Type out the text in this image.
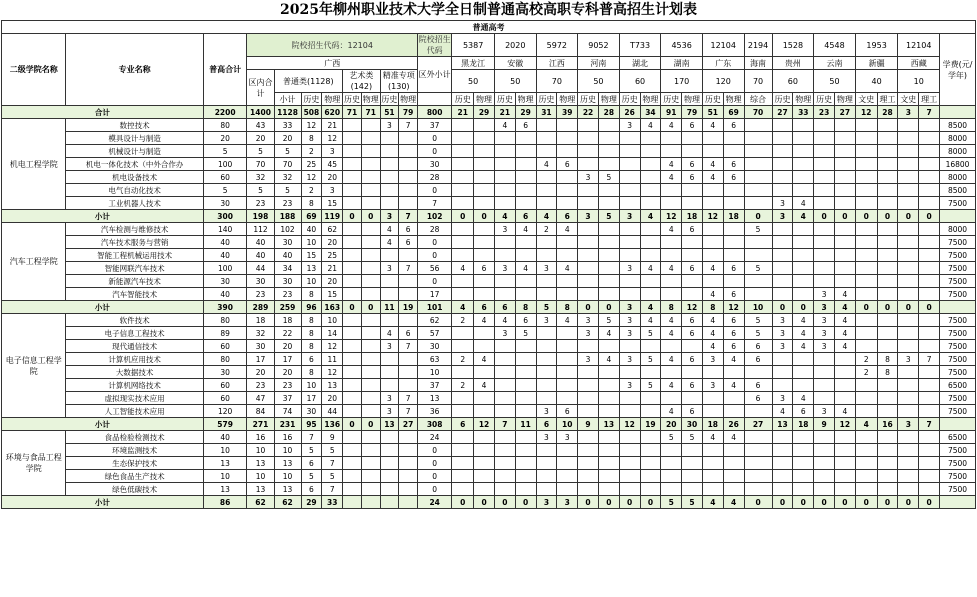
2025年柳州职业技术大学全日制普通高校高职专科普高招生计划表
普通高考																																			
二级学院名称	专业名称	普高合计	院校招生代码：12104								院校招生代码	5387		2020		5972		9052		T733		4536		12104		2194	1528		4548		1953		12104		学费(元/学年)
			广西								区外小计	黑龙江		安徽		江西		河南		湖北		湖南		广东		海南	贵州		云南		新疆		西藏		
			区内合计	普通类(1128)			艺术类(142)		精准专项(130)			50		50		70		50		60		170		120		70	60		50		40		10		
				小计	历史	物理	历史	物理	历史	物理		历史	物理	历史	物理	历史	物理	历史	物理	历史	物理	历史	物理	历史	物理	综合	历史	物理	历史	物理	文史	理工	文史	理工	
合计		2200	1400	1128	508	620	71	71	51	79	800	21	29	21	29	31	39	22	28	26	34	91	79	51	69	70	27	33	23	27	12	28	3	7	
机电工程学院	数控技术	80	43	33	12	21			3	7	37			4	6					3	4	4	6	4	6										8500
	模具设计与制造	20	20	20	8	12					0																								8000
	机械设计与制造	5	5	5	2	3					0																								8000
	机电一体化技术（中外合作办	100	70	70	25	45					30					4	6					4	6	4	6										16800
	机电设备技术	60	32	32	12	20					28							3	5			4	6	4	6										8000
	电气自动化技术	5	5	5	2	3					0																								8500
	工业机器人技术	30	23	23	8	15					7																3	4							7500
小计		300	198	188	69	119	0	0	3	7	102	0	0	4	6	4	6	3	5	3	4	12	18	12	18	0	3	4	0	0	0	0	0	0	
汽车工程学院	汽车检测与维修技术	140	112	102	40	62			4	6	28			3	4	2	4					4	6			5									8000
	汽车技术服务与营销	40	40	30	10	20			4	6	0																								7500
	智能工程机械运用技术	40	40	40	15	25					0																								7500
	智能网联汽车技术	100	44	34	13	21			3	7	56	4	6	3	4	3	4			3	4	4	6	4	6	5									7500
	新能源汽车技术	30	30	30	10	20					0																								7500
	汽车智能技术	40	23	23	8	15					17													4	6				3	4					7500
小计		390	289	259	96	163	0	0	11	19	101	4	6	6	8	5	8	0	0	3	4	8	12	8	12	10	0	0	3	4	0	0	0	0	
电子信息工程学院	软件技术	80	18	18	8	10					62	2	4	4	6	3	4	3	5	3	4	4	6	4	6	5	3	4	3	4					7500
	电子信息工程技术	89	32	22	8	14			4	6	57			3	5			3	4	3	5	4	6	4	6	5	3	4	3	4					7500
	现代通信技术	60	30	20	8	12			3	7	30													4	6	6	3	4	3	4					7500
	计算机应用技术	80	17	17	6	11					63	2	4					3	4	3	5	4	6	3	4	6					2	8	3	7	7500
	大数据技术	30	20	20	8	12					10																				2	8			7500
	计算机网络技术	60	23	23	10	13					37	2	4							3	5	4	6	3	4	6									6500
	虚拟现实技术应用	60	47	37	17	20			3	7	13															6	3	4							7500
	人工智能技术应用	120	84	74	30	44			3	7	36					3	6					4	6				4	6	3	4					7500
小计		579	271	231	95	136	0	0	13	27	308	6	12	7	11	6	10	9	13	12	19	20	30	18	26	27	13	18	9	12	4	16	3	7	
环境与食品工程学院	食品检验检测技术	40	16	16	7	9					24					3	3					5	5	4	4										6500
	环境监测技术	10	10	10	5	5					0																								7500
	生态保护技术	13	13	13	6	7					0																								7500
	绿色食品生产技术	10	10	10	5	5					0																								7500
	绿色低碳技术	13	13	13	6	7					0																								7500
小计		86	62	62	29	33					24	0	0	0	0	3	3	0	0	0	0	5	5	4	4	0	0	0	0	0	0	0	0	0	
